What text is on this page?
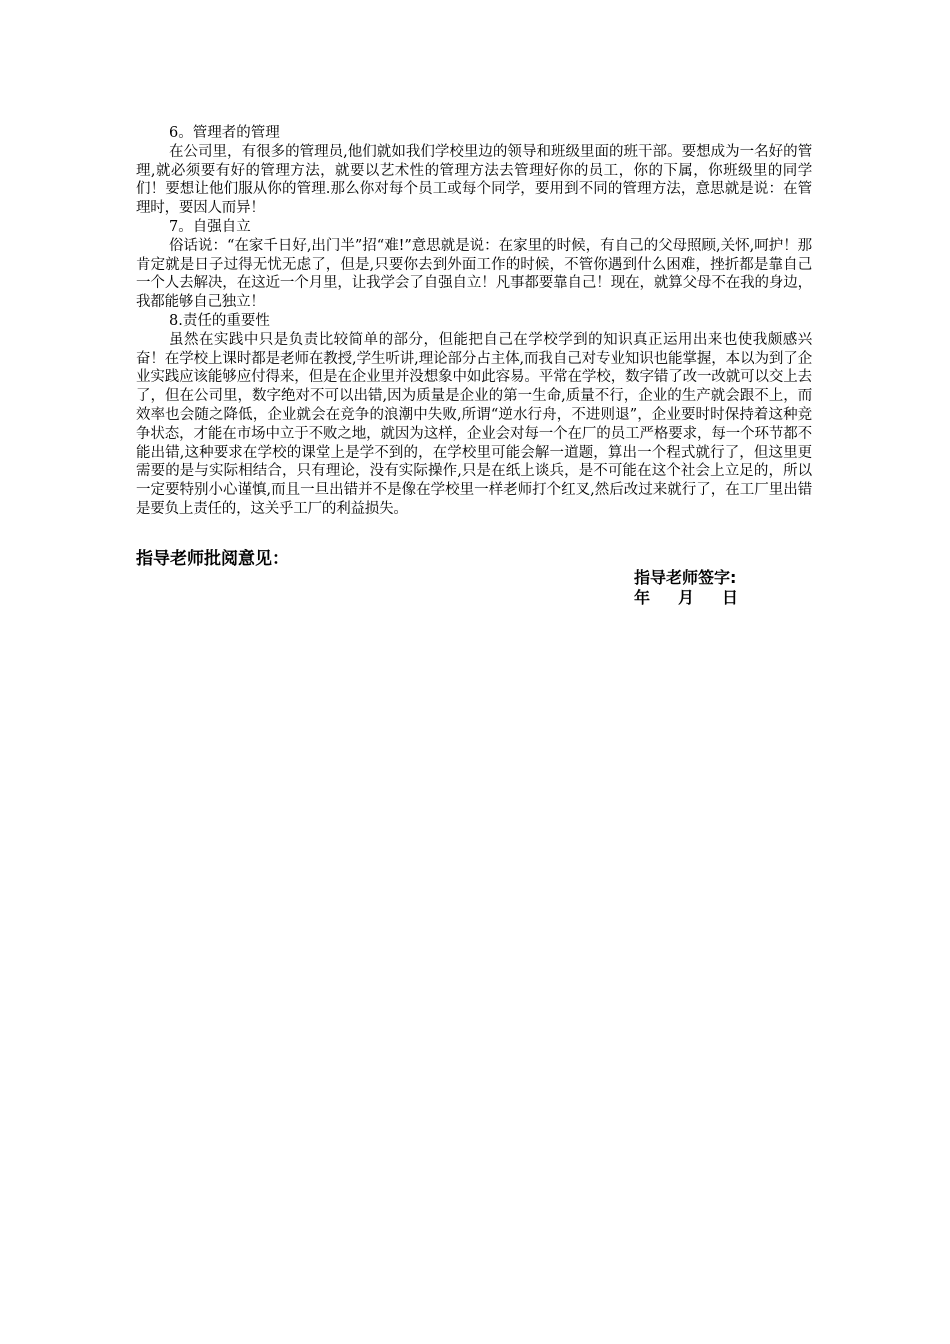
6。管理者的管理
在公司里，有很多的管理员,他们就如我们学校里边的领导和班级里面的班干部。要想成为一名好的管理,就必须要有好的管理方法，就要以艺术性的管理方法去管理好你的员工，你的下属，你班级里的同学们！要想让他们服从你的管理.那么你对每个员工或每个同学，要用到不同的管理方法，意思就是说：在管理时，要因人而异！
7。自强自立
俗话说：“在家千日好,出门半”招“难!”意思就是说：在家里的时候，有自己的父母照顾,关怀,呵护！那肯定就是日子过得无忧无虑了，但是,只要你去到外面工作的时候，不管你遇到什么困难，挫折都是靠自己一个人去解决，在这近一个月里，让我学会了自强自立！凡事都要靠自己！现在，就算父母不在我的身边，我都能够自己独立！
8.责任的重要性
虽然在实践中只是负责比较简单的部分，但能把自己在学校学到的知识真正运用出来也使我颇感兴奋！在学校上课时都是老师在教授,学生听讲,理论部分占主体,而我自己对专业知识也能掌握，本以为到了企业实践应该能够应付得来，但是在企业里并没想象中如此容易。平常在学校，数字错了改一改就可以交上去了，但在公司里，数字绝对不可以出错,因为质量是企业的第一生命,质量不行，企业的生产就会跟不上，而效率也会随之降低，企业就会在竞争的浪潮中失败,所谓“逆水行舟，不进则退”，企业要时时保持着这种竞争状态，才能在市场中立于不败之地，就因为这样，企业会对每一个在厂的员工严格要求，每一个环节都不能出错,这种要求在学校的课堂上是学不到的，在学校里可能会解一道题，算出一个程式就行了，但这里更需要的是与实际相结合，只有理论，没有实际操作,只是在纸上谈兵，是不可能在这个社会上立足的，所以一定要特别小心谨慎,而且一旦出错并不是像在学校里一样老师打个红叉,然后改过来就行了，在工厂里出错是要负上责任的，这关乎工厂的利益损失。
指导老师批阅意见：
指导老师签字:
年 月 日
